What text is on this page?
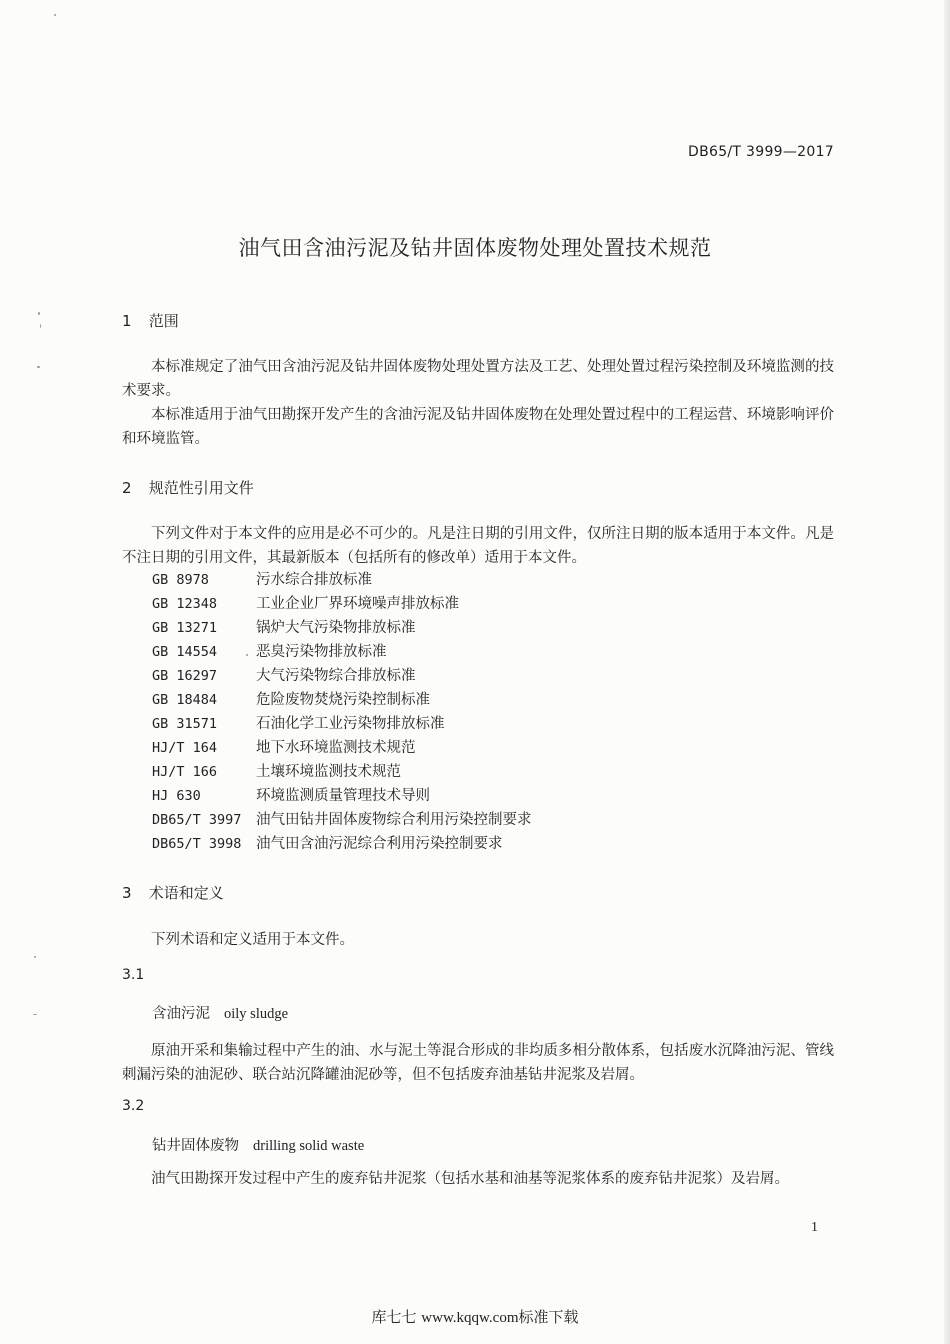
DB65/T 3999—2017
油气田含油污泥及钻井固体废物处理处置技术规范
1 范围

本标准规定了油气田含油污泥及钻井固体废物处理处置方法及工艺、处理处置过程污染控制及环境监测的技术要求。

本标准适用于油气田勘探开发产生的含油污泥及钻井固体废物在处理处置过程中的工程运营、环境影响评价和环境监管。

2 规范性引用文件

下列文件对于本文件的应用是必不可少的。凡是注日期的引用文件，仅所注日期的版本适用于本文件。凡是不注日期的引用文件，其最新版本（包括所有的修改单）适用于本文件。

GB 8978	污水综合排放标准
GB 12348	工业企业厂界环境噪声排放标准
GB 13271	锅炉大气污染物排放标准
GB 14554	恶臭污染物排放标准
GB 16297	大气污染物综合排放标准
GB 18484	危险废物焚烧污染控制标准
GB 31571	石油化学工业污染物排放标准
HJ/T 164	地下水环境监测技术规范
HJ/T 166	土壤环境监测技术规范
HJ 630	环境监测质量管理技术导则
DB65/T 3997 油气田钻井固体废物综合利用污染控制要求
DB65/T 3998 油气田含油污泥综合利用污染控制要求
3 术语和定义

下列术语和定义适用于本文件。

3.1
含油污泥 oily sludge

原油开采和集输过程中产生的油、水与泥土等混合形成的非均质多相分散体系，包括废水沉降油污泥、管线刺漏污染的油泥砂、联合站沉降罐油泥砂等，但不包括废弃油基钻井泥浆及岩屑。

3.2
钻井固体废物 drilling solid waste

油气田勘探开发过程中产生的废弃钻井泥浆（包括水基和油基等泥浆体系的废弃钻井泥浆）及岩屑。

1
库七七 www.kqqw.com标准下载
